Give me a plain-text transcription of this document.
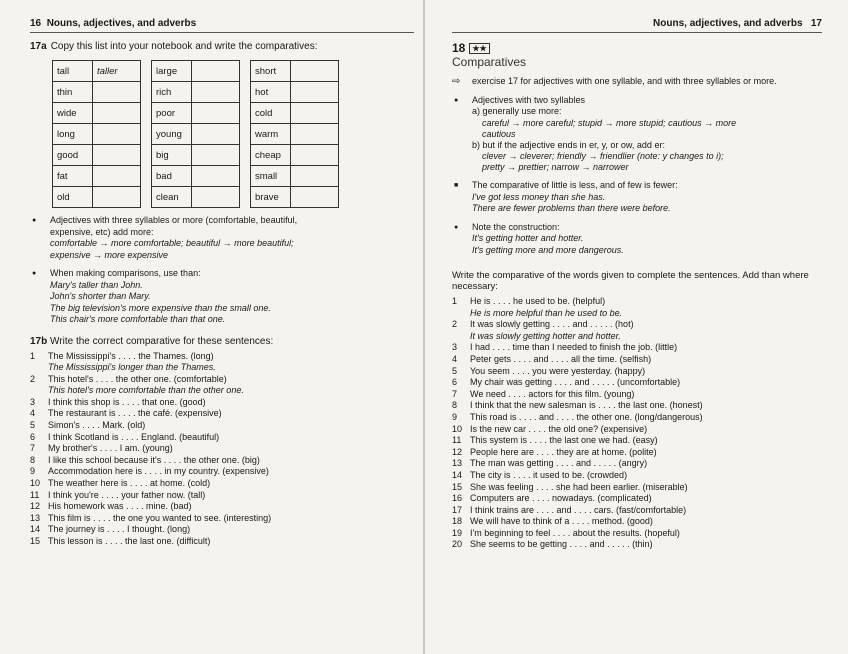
16 Nouns, adjectives, and adverbs
17a Copy this list into your notebook and write the comparatives:
tall	taller
thin	
wide	
long	
good	
fat	
old	
large	
rich	
poor	
young	
big	
bad	
clean	
short	
hot	
cold	
warm	
cheap	
small	
brave	
● Adjectives with three syllables or more (comfortable, beautiful,
expensive, etc) add more:
comfortable → more comfortable; beautiful → more beautiful;
expensive → more expensive
● When making comparisons, use than:
Mary's taller than John.
John's shorter than Mary.
The big television's more expensive than the small one.
This chair's more comfortable than that one.
17b Write the correct comparative for these sentences:
1	The Mississippi's . . . . the Thames. (long)
The Mississippi's longer than the Thames.
2	This hotel's . . . . the other one. (comfortable)
This hotel's more comfortable than the other one.
3	I think this shop is . . . . that one. (good)
4	The restaurant is . . . . the café. (expensive)
5	Simon's . . . . Mark. (old)
6	I think Scotland is . . . . England. (beautiful)
7	My brother's . . . . I am. (young)
8	I like this school because it's . . . . the other one. (big)
9	Accommodation here is . . . . in my country. (expensive)
10 The weather here is . . . . at home. (cold)
11 I think you're . . . . your father now. (tall)
12 His homework was . . . . mine. (bad)
13 This film is . . . . the one you wanted to see. (interesting)
14 The journey is . . . . I thought. (long)
15 This lesson is . . . . the last one. (difficult)
Nouns, adjectives, and adverbs 17
18 ★★
Comparatives
⇨ exercise 17 for adjectives with one syllable, and with three syllables or more.
● Adjectives with two syllables
a) generally use more:
careful → more careful; stupid → more stupid; cautious → more
cautious
b) but if the adjective ends in er, y, or ow, add er:
clever → cleverer; friendly → friendlier (note: y changes to i);
pretty → prettier; narrow → narrower
■ The comparative of little is less, and of few is fewer:
I've got less money than she has.
There are fewer problems than there were before.
● Note the construction:
It's getting hotter and hotter.
It's getting more and more dangerous.
Write the comparative of the words given to complete the sentences. Add than where necessary:
1	He is . . . . he used to be. (helpful)
He is more helpful than he used to be.
2	It was slowly getting . . . . and . . . . . (hot)
It was slowly getting hotter and hotter.
3	I had . . . . time than I needed to finish the job. (little)
4	Peter gets . . . . and . . . . all the time. (selfish)
5	You seem . . . . you were yesterday. (happy)
6	My chair was getting . . . . and . . . . . (uncomfortable)
7	We need . . . . actors for this film. (young)
8	I think that the new salesman is . . . . the last one. (honest)
9	This road is . . . . and . . . . the other one. (long/dangerous)
10 Is the new car . . . . the old one? (expensive)
11 This system is . . . . the last one we had. (easy)
12 People here are . . . . they are at home. (polite)
13 The man was getting . . . . and . . . . . (angry)
14 The city is . . . . it used to be. (crowded)
15 She was feeling . . . . she had been earlier. (miserable)
16 Computers are . . . . nowadays. (complicated)
17 I think trains are . . . . and . . . . cars. (fast/comfortable)
18 We will have to think of a . . . . method. (good)
19 I'm beginning to feel . . . . about the results. (hopeful)
20 She seems to be getting . . . . and . . . . . (thin)
